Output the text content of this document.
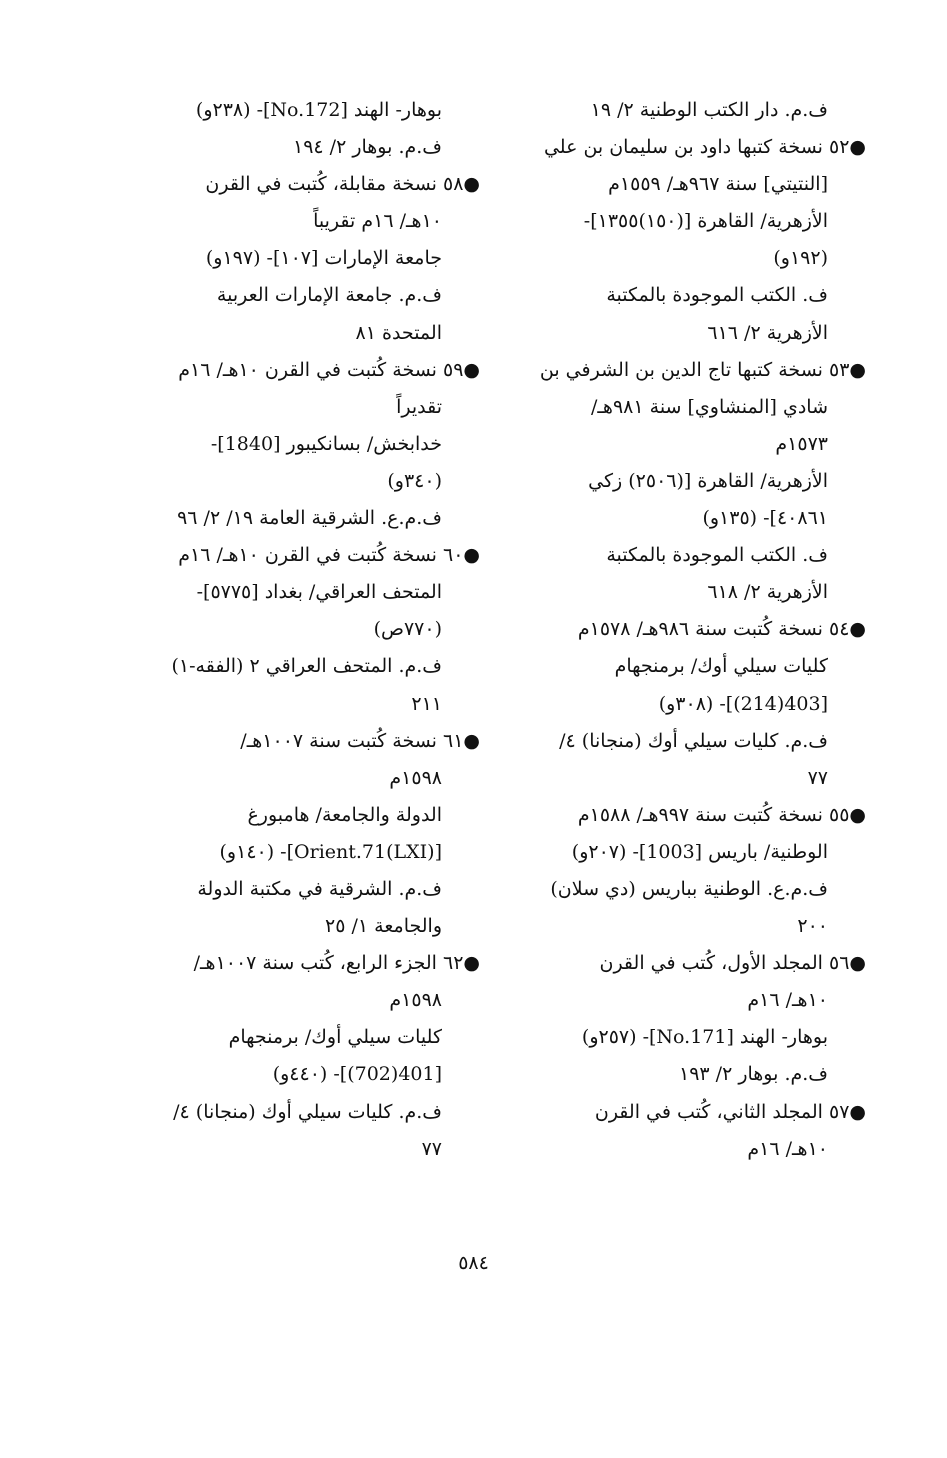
ف.م. دار الكتب الوطنية ٢/ ١٩
●٥٢ نسخة كتبها داود بن سليمان بن علي
[النتيتي] سنة ٩٦٧هـ/ ١٥٥٩م
الأزهرية/ القاهرة [(١٥٠)١٣٥٥]-
(١٩٢و)
ف. الكتب الموجودة بالمكتبة
الأزهرية ٢/ ٦١٦
●٥٣ نسخة كتبها تاج الدين بن الشرفي بن
شادي [المنشاوي] سنة ٩٨١هـ/
١٥٧٣م
الأزهرية/ القاهرة [(٢٥٠٦) زكي
٤٠٨٦١]- (١٣٥و)
ف. الكتب الموجودة بالمكتبة
الأزهرية ٢/ ٦١٨
●٥٤ نسخة كُتبت سنة ٩٨٦هـ/ ١٥٧٨م
كليات سيلي أوك/ برمنجهام
[403(214)]- (٣٠٨و)
ف.م. كليات سيلي أوك (منجانا) ٤/
٧٧
●٥٥ نسخة كُتبت سنة ٩٩٧هـ/ ١٥٨٨م
الوطنية/ باريس [1003]- (٢٠٧و)
ف.م.ع. الوطنية بباريس (دي سلان)
٢٠٠
●٥٦ المجلد الأول، كُتب في القرن
١٠هـ/ ١٦م
بوهار- الهند [No.171]- (٢٥٧و)
ف.م. بوهار ٢/ ١٩٣
●٥٧ المجلد الثاني، كُتب في القرن
١٠هـ/ ١٦م
بوهار- الهند [No.172]- (٢٣٨و)
ف.م. بوهار ٢/ ١٩٤
●٥٨ نسخة مقابلة، كُتبت في القرن
١٠هـ/ ١٦م تقريباً
جامعة الإمارات [١٠٧]- (١٩٧و)
ف.م. جامعة الإمارات العربية
المتحدة ٨١
●٥٩ نسخة كُتبت في القرن ١٠هـ/ ١٦م
تقديراً
خدابخش/ بسانكيبور [1840]-
(٣٤٠و)
ف.م.ع. الشرقية العامة ١٩/ ٢/ ٩٦
●٦٠ نسخة كُتبت في القرن ١٠هـ/ ١٦م
المتحف العراقي/ بغداد [٥٧٧٥]-
(٧٧٠ص)
ف.م. المتحف العراقي ٢ (الفقه-١)
٢١١
●٦١ نسخة كُتبت سنة ١٠٠٧هـ/
١٥٩٨م
الدولة والجامعة/ هامبورغ
[Orient.71(LXI)]- (١٤٠و)
ف.م. الشرقية في مكتبة الدولة
والجامعة ١/ ٢٥
●٦٢ الجزء الرابع، كُتب سنة ١٠٠٧هـ/
١٥٩٨م
كليات سيلي أوك/ برمنجهام
[401(702)]- (٤٤٠و)
ف.م. كليات سيلي أوك (منجانا) ٤/
٧٧
٥٨٤
